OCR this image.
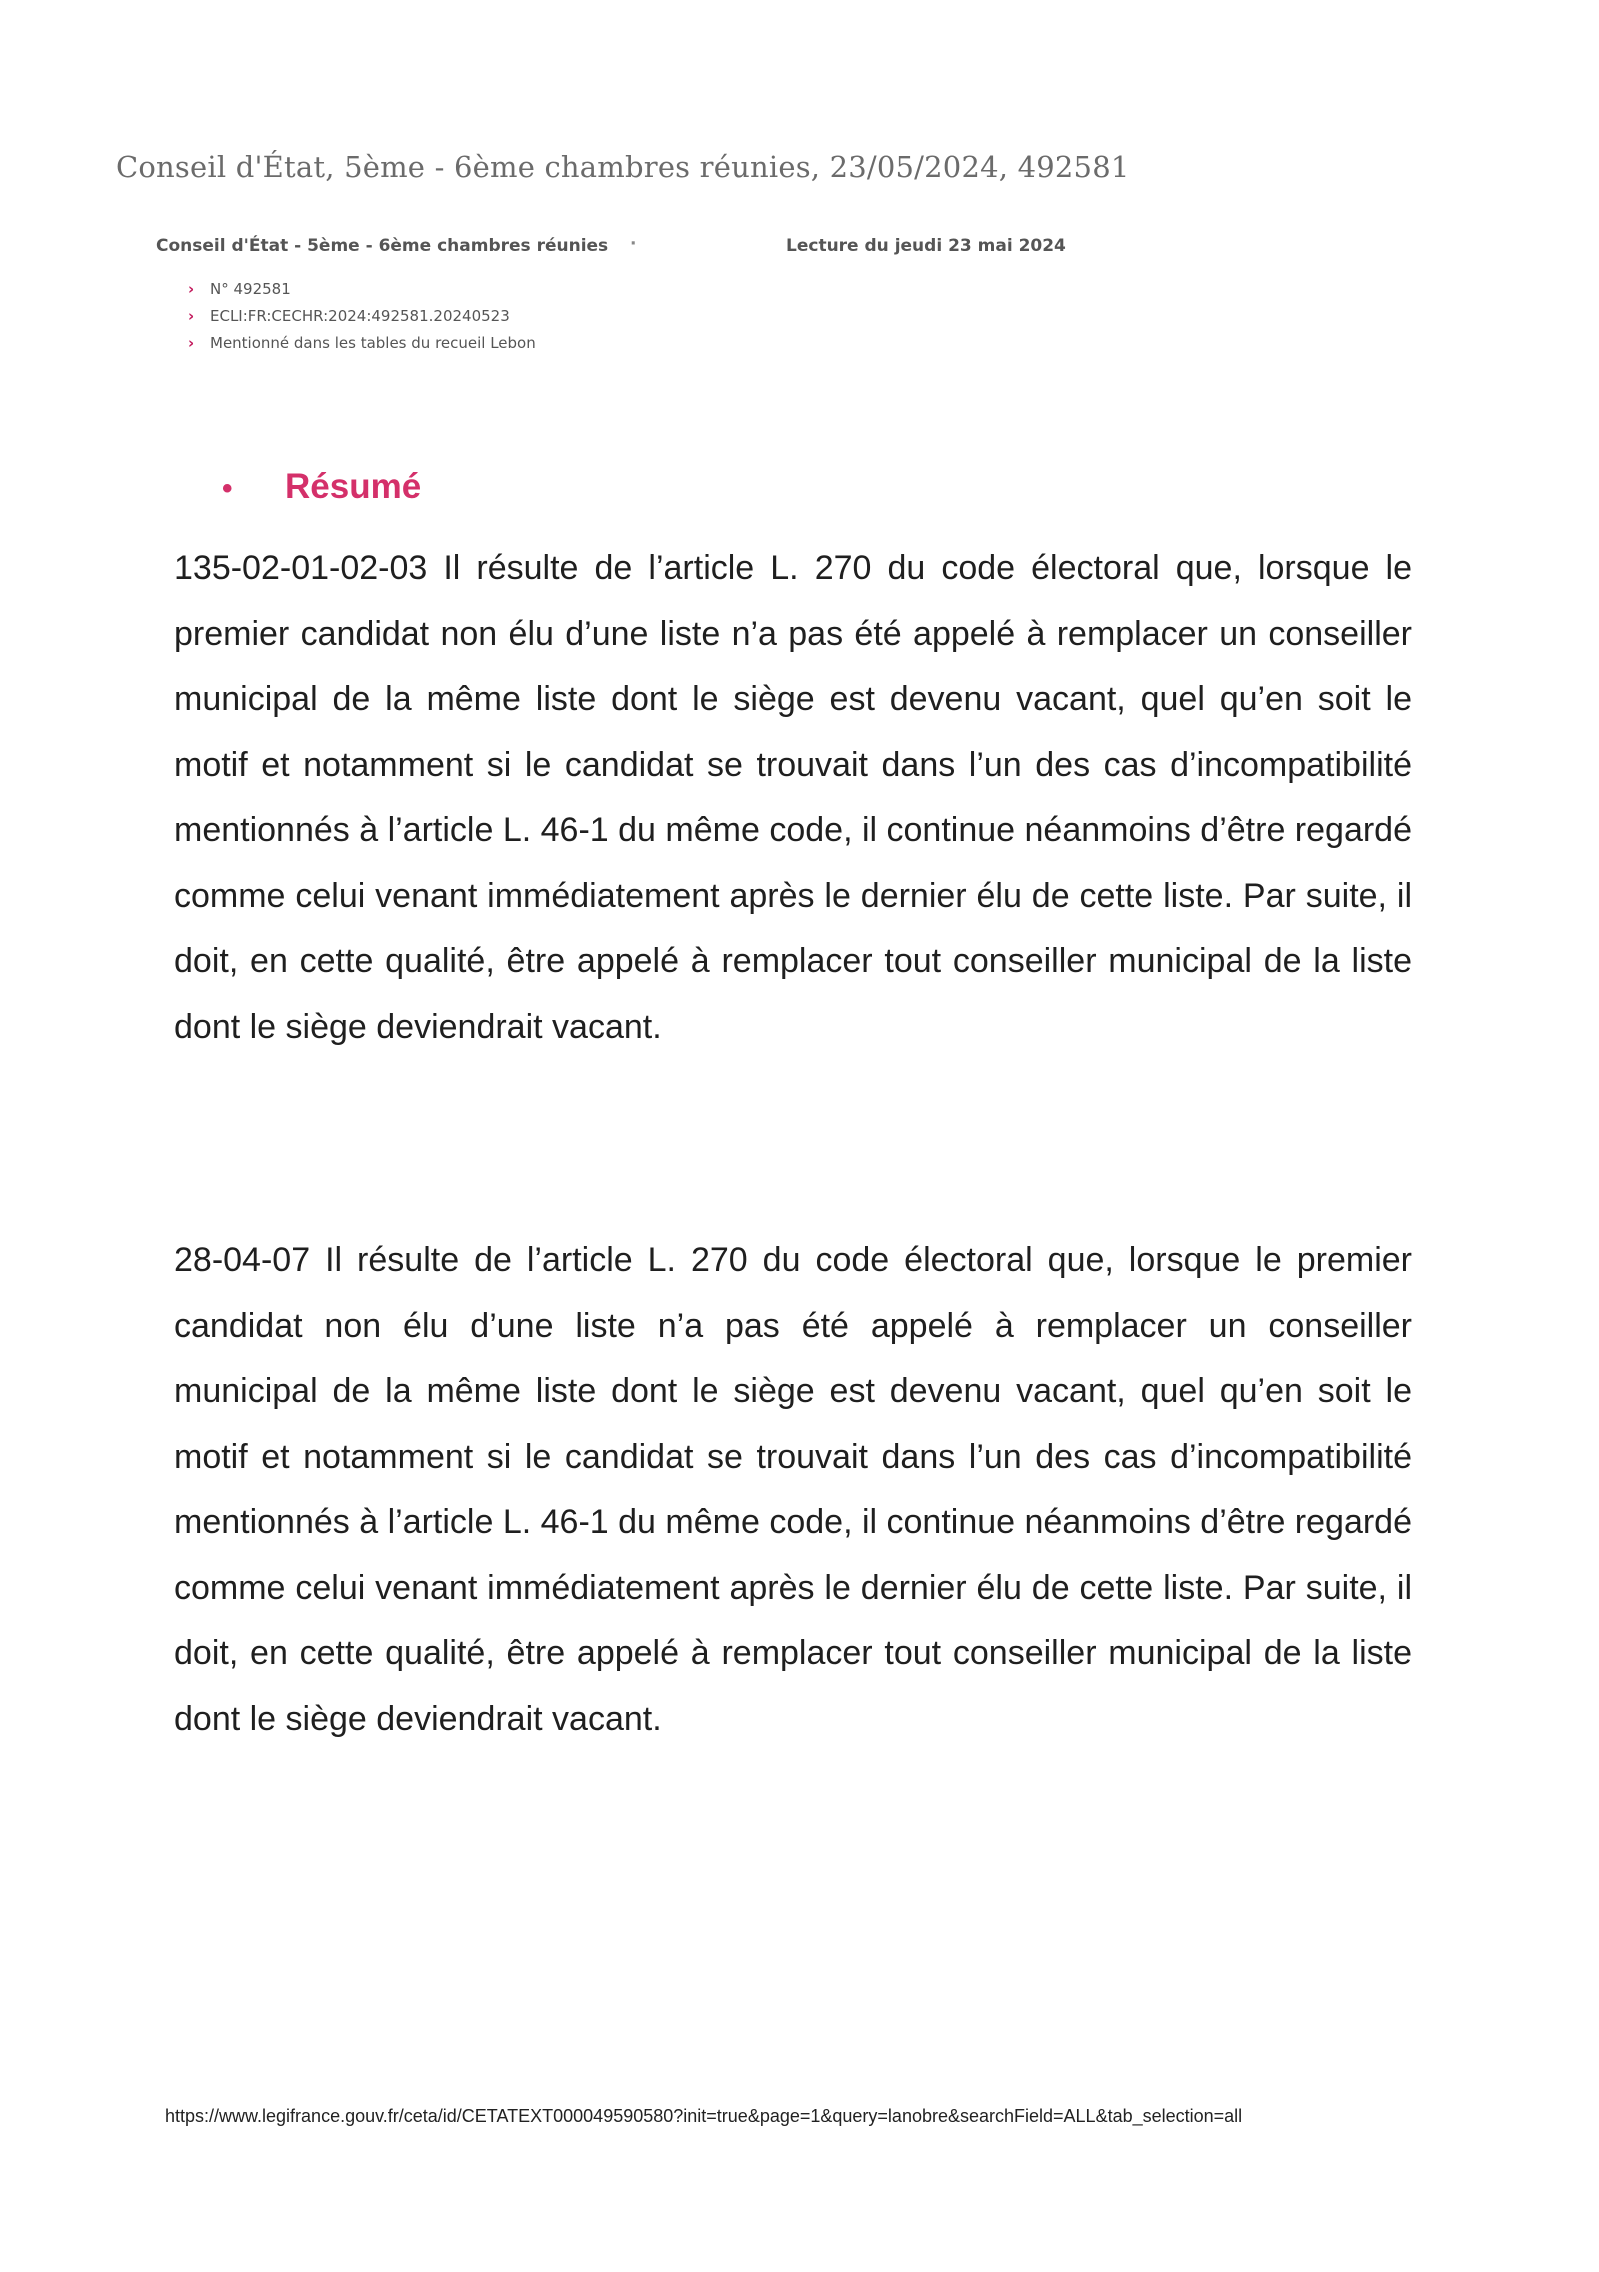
Conseil d'État, 5ème - 6ème chambres réunies, 23/05/2024, 492581
Conseil d'État - 5ème - 6ème chambres réunies ·	Lecture du jeudi 23 mai 2024
› N° 492581
› ECLI:FR:CECHR:2024:492581.20240523
› Mentionné dans les tables du recueil Lebon
• Résumé

135-02-01-02-03 Il résulte de l’article L. 270 du code électoral que, lorsque le premier candidat non élu d’une liste n’a pas été appelé à remplacer un conseiller municipal de la même liste dont le siège est devenu vacant, quel qu’en soit le motif et notamment si le candidat se trouvait dans l’un des cas d’incompatibilité mentionnés à l’article L. 46-1 du même code, il continue néanmoins d’être regardé comme celui venant immédiatement après le dernier élu de cette liste. Par suite, il doit, en cette qualité, être appelé à remplacer tout conseiller municipal de la liste dont le siège deviendrait vacant.

28-04-07 Il résulte de l’article L. 270 du code électoral que, lorsque le premier candidat non élu d’une liste n’a pas été appelé à remplacer un conseiller municipal de la même liste dont le siège est devenu vacant, quel qu’en soit le motif et notamment si le candidat se trouvait dans l’un des cas d’incompatibilité mentionnés à l’article L. 46-1 du même code, il continue néanmoins d’être regardé comme celui venant immédiatement après le dernier élu de cette liste. Par suite, il doit, en cette qualité, être appelé à remplacer tout conseiller municipal de la liste dont le siège deviendrait vacant.

https://www.legifrance.gouv.fr/ceta/id/CETATEXT000049590580?init=true&page=1&query=lanobre&searchField=ALL&tab_selection=all
